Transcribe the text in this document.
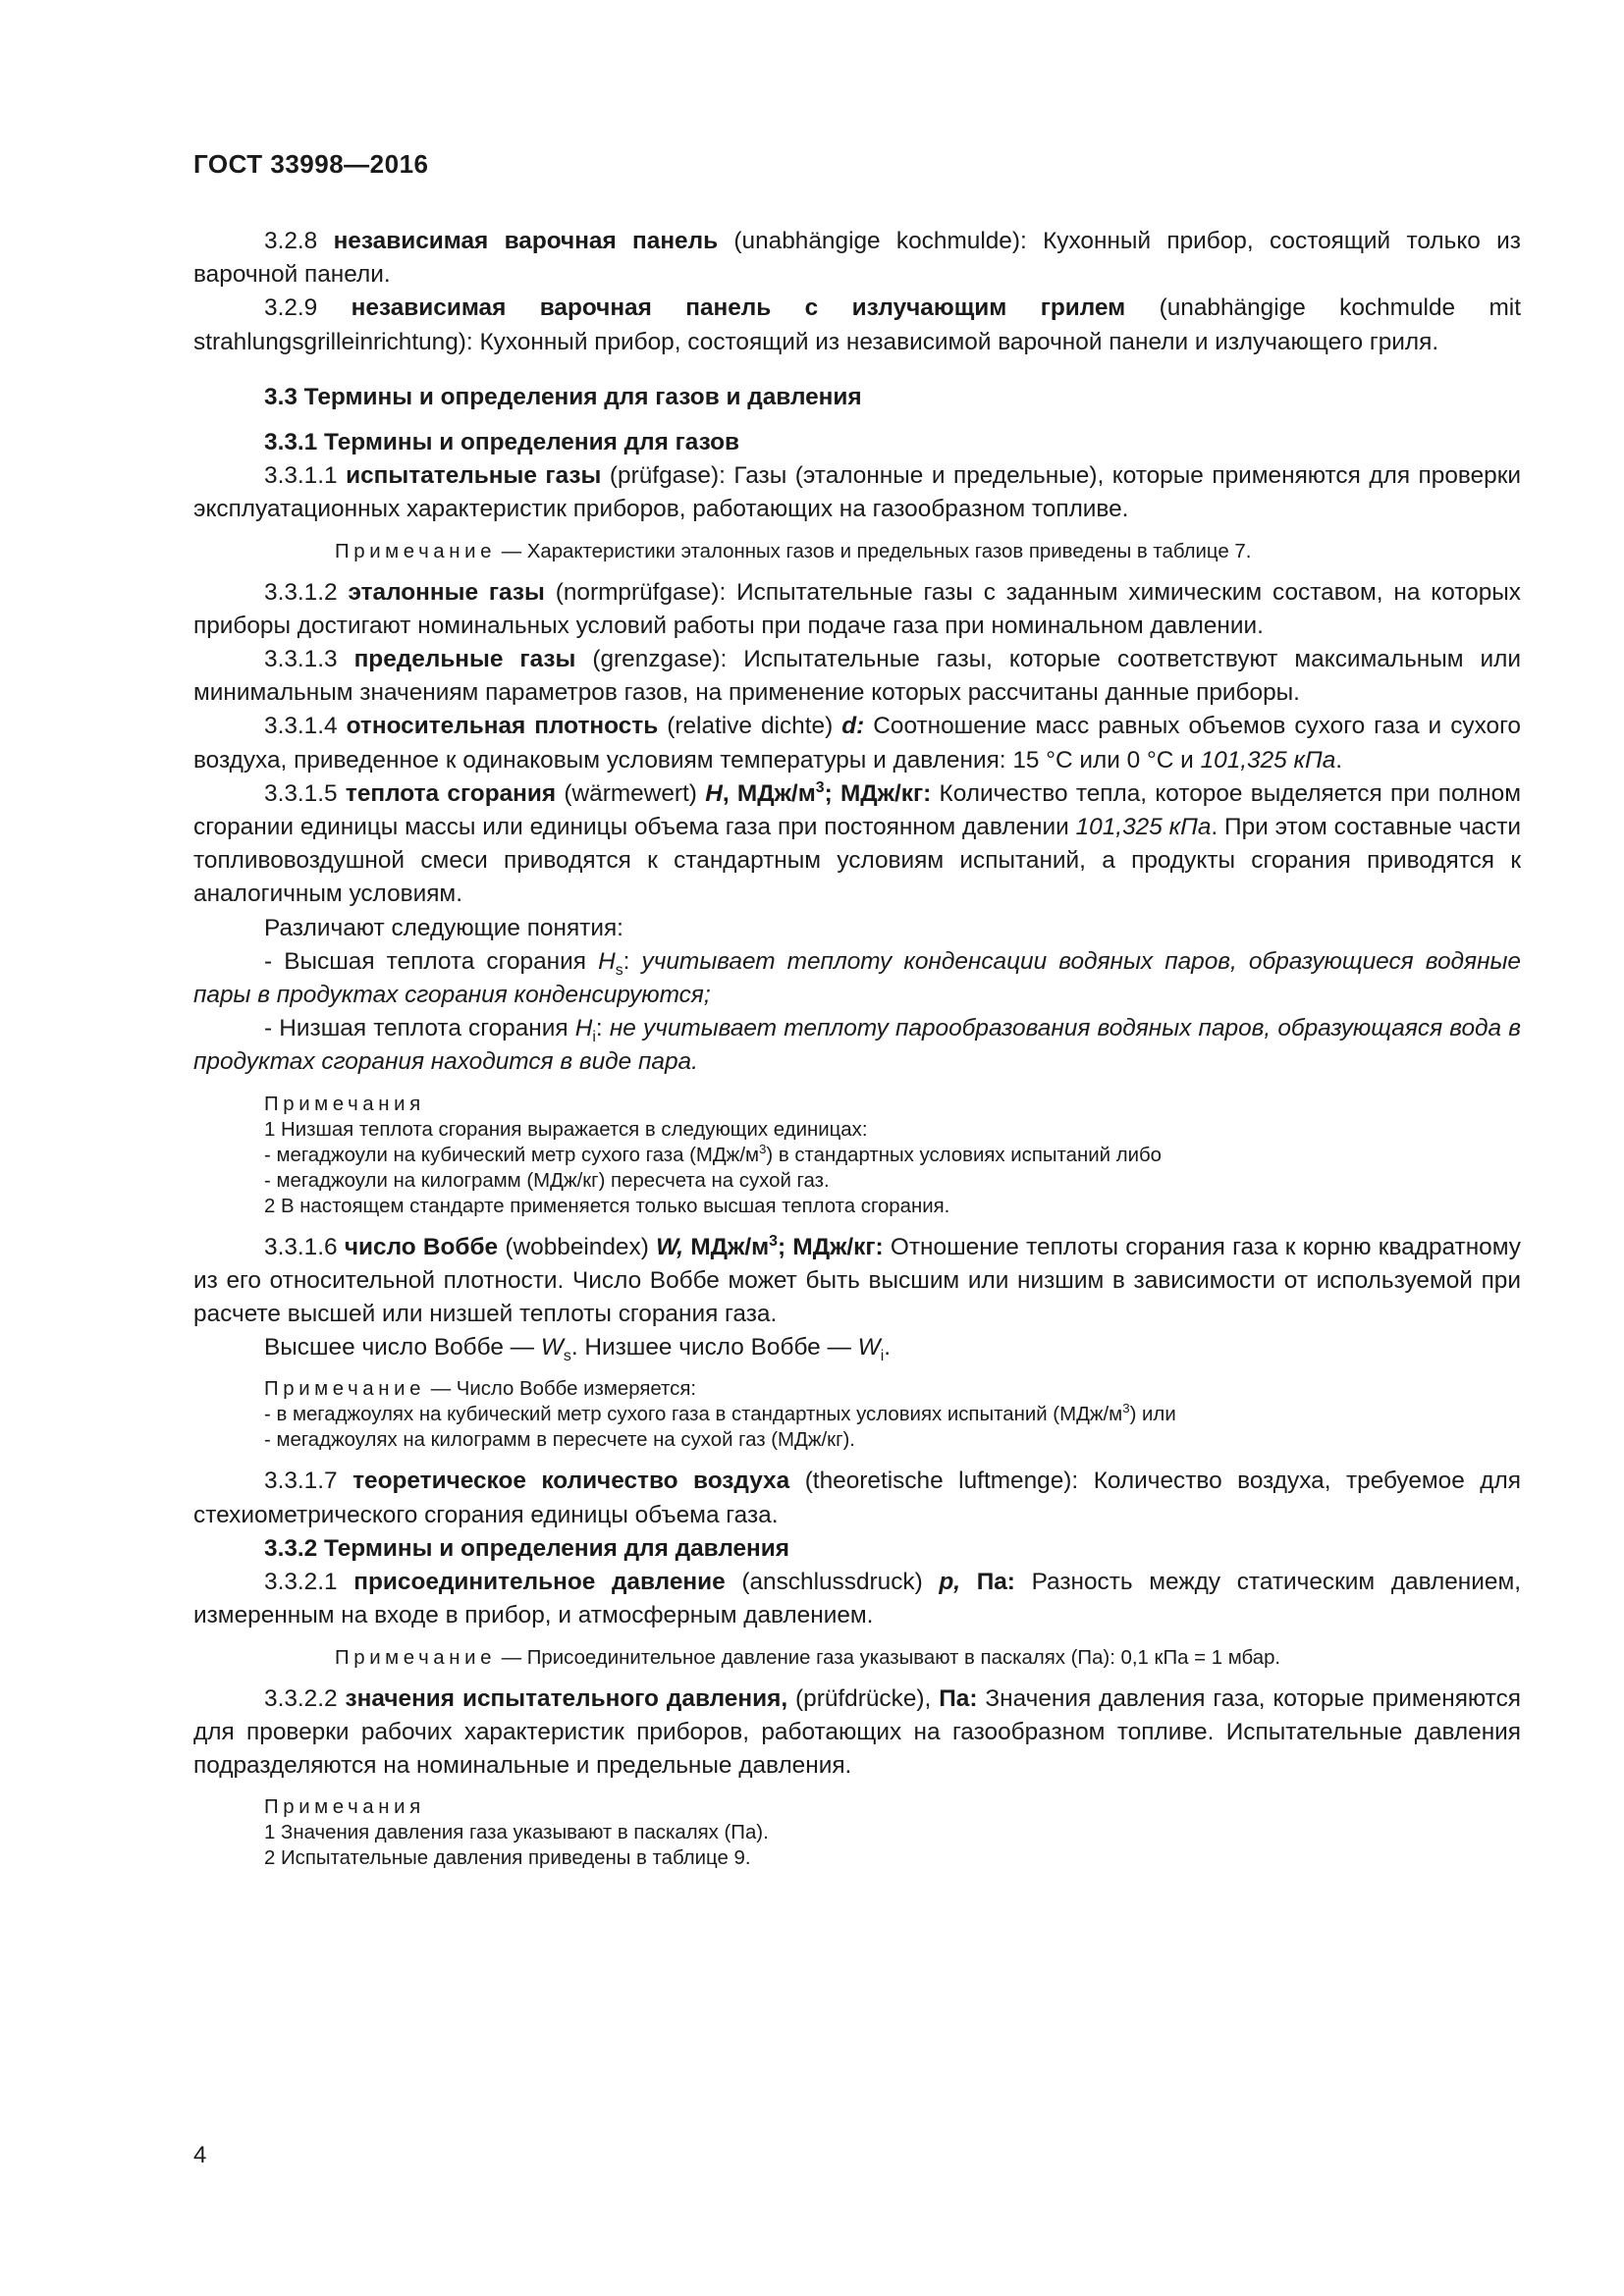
ГОСТ 33998—2016

3.2.8 независимая варочная панель (unabhängige kochmulde): Кухонный прибор, состоящий только из варочной панели.

3.2.9 независимая варочная панель с излучающим грилем (unabhängige kochmulde mit strahlungsgrilleinrichtung): Кухонный прибор, состоящий из независимой варочной панели и излучающего гриля.

3.3 Термины и определения для газов и давления

3.3.1 Термины и определения для газов

3.3.1.1 испытательные газы (prüfgase): Газы (эталонные и предельные), которые применяются для проверки эксплуатационных характеристик приборов, работающих на газообразном топливе.

Примечание — Характеристики эталонных газов и предельных газов приведены в таблице 7.

3.3.1.2 эталонные газы (normprüfgase): Испытательные газы с заданным химическим составом, на которых приборы достигают номинальных условий работы при подаче газа при номинальном давлении.

3.3.1.3 предельные газы (grenzgase): Испытательные газы, которые соответствуют максимальным или минимальным значениям параметров газов, на применение которых рассчитаны данные приборы.

3.3.1.4 относительная плотность (relative dichte) d: Соотношение масс равных объемов сухого газа и сухого воздуха, приведенное к одинаковым условиям температуры и давления: 15 °С или 0 °С и 101,325 кПа.

3.3.1.5 теплота сгорания (wärmewert) H, МДж/$м^3$; МДж/кг: Количество тепла, которое выделяется при полном сгорании единицы массы или единицы объема газа при постоянном давлении 101,325 кПа. При этом составные части топливовоздушной смеси приводятся к стандартным условиям испытаний, а продукты сгорания приводятся к аналогичным условиям.

Различают следующие понятия:

- Высшая теплота сгорания $H_s$: учитывает теплоту конденсации водяных паров, образующиеся водяные пары в продуктах сгорания конденсируются;

- Низшая теплота сгорания $H_i$: не учитывает теплоту парообразования водяных паров, образующаяся вода в продуктах сгорания находится в виде пара.

Примечания
1 Низшая теплота сгорания выражается в следующих единицах:
- мегаджоули на кубический метр сухого газа $(МДж/м^3)$ в стандартных условиях испытаний либо
- мегаджоули на килограмм (МДж/кг) пересчета на сухой газ.
2 В настоящем стандарте применяется только высшая теплота сгорания.

3.3.1.6 число Воббе (wobbeindex) W, МДж/$м^3$; МДж/кг: Отношение теплоты сгорания газа к корню квадратному из его относительной плотности. Число Воббе может быть высшим или низшим в зависимости от используемой при расчете высшей или низшей теплоты сгорания газа.

Высшее число Воббе — $W_s$. Низшее число Воббе — $W_i$.

Примечание — Число Воббе измеряется:
- в мегаджоулях на кубический метр сухого газа в стандартных условиях испытаний $(МДж/м^3)$ или
- мегаджоулях на килограмм в пересчете на сухой газ (МДж/кг).

3.3.1.7 теоретическое количество воздуха (theoretische luftmenge): Количество воздуха, требуемое для стехиометрического сгорания единицы объема газа.

3.3.2 Термины и определения для давления

3.3.2.1 присоединительное давление (anschlussdruck) p, Па: Разность между статическим давлением, измеренным на входе в прибор, и атмосферным давлением.

Примечание — Присоединительное давление газа указывают в паскалях (Па): 0,1 кПа = 1 мбар.

3.3.2.2 значения испытательного давления, (prüfdrücke), Па: Значения давления газа, которые применяются для проверки рабочих характеристик приборов, работающих на газообразном топливе. Испытательные давления подразделяются на номинальные и предельные давления.

Примечания
1 Значения давления газа указывают в паскалях (Па).
2 Испытательные давления приведены в таблице 9.
4
